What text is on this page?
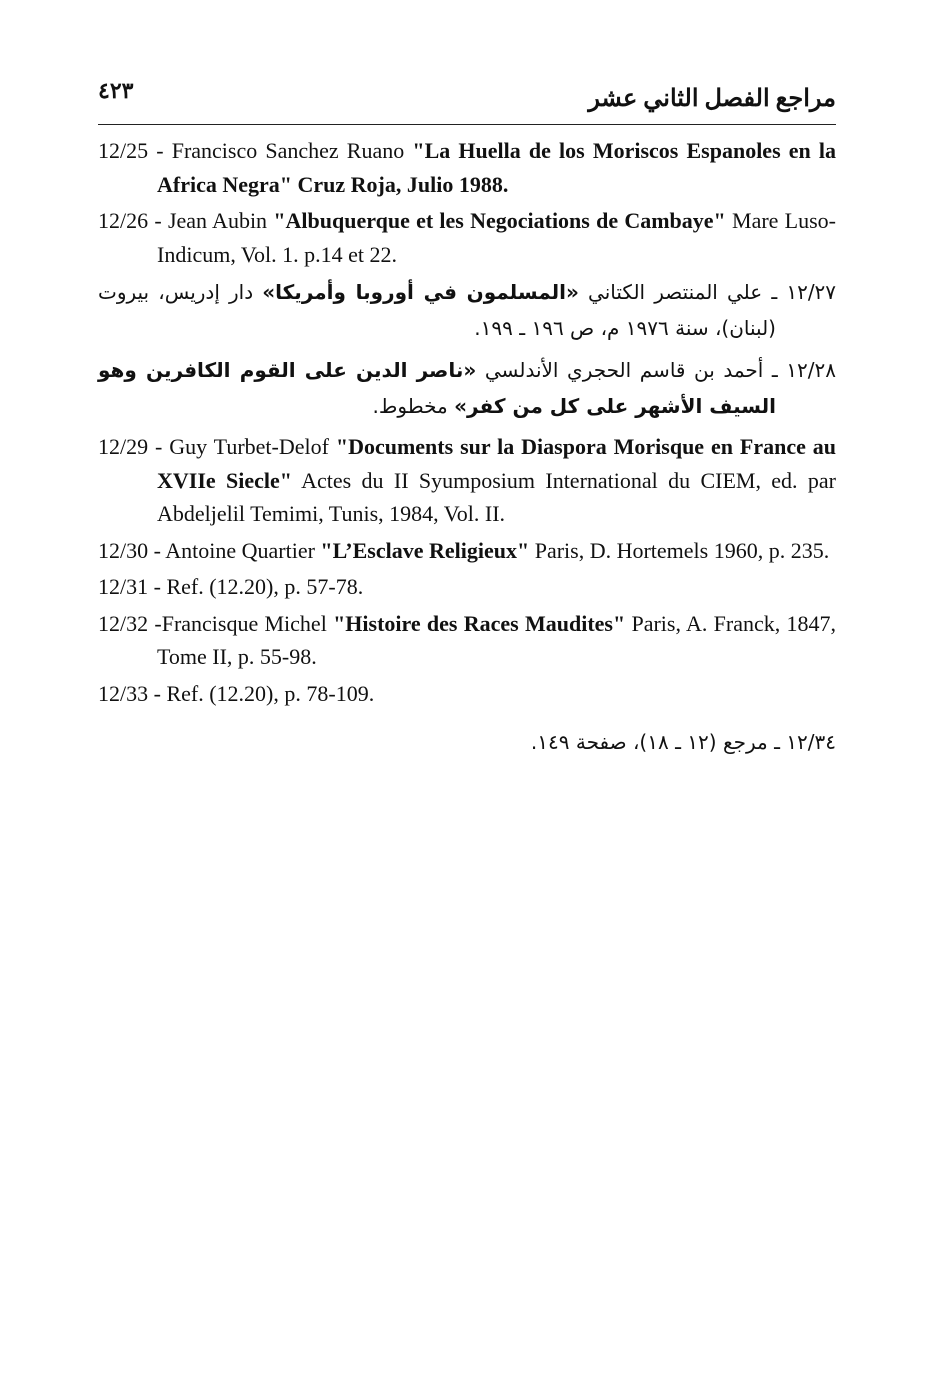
٤٢٣	مراجع الفصل الثاني عشر

12/25 - Francisco Sanchez Ruano "La Huella de los Moriscos Espanoles en la Africa Negra" Cruz Roja, Julio 1988.

12/26 - Jean Aubin "Albuquerque et les Negociations de Cambaye" Mare Luso-Indicum, Vol. 1. p.14 et 22.

١٢/٢٧ ـ علي المنتصر الكتاني «المسلمون في أوروبا وأمريكا» دار إدريس، بيروت (لبنان)، سنة ١٩٧٦ م، ص ١٩٦ ـ ١٩٩.

١٢/٢٨ ـ أحمد بن قاسم الحجري الأندلسي «ناصر الدين على القوم الكافرين وهو السيف الأشهر على كل من كفر» مخطوط.

12/29 - Guy Turbet-Delof "Documents sur la Diaspora Morisque en France au XVIIe Siecle" Actes du II Syumposium International du CIEM, ed. par Abdeljelil Temimi, Tunis, 1984, Vol. II.

12/30 - Antoine Quartier "L’Esclave Religieux" Paris, D. Hortemels 1960, p. 235.

12/31 - Ref. (12.20), p. 57-78.

12/32 -Francisque Michel "Histoire des Races Maudites" Paris, A. Franck, 1847, Tome II, p. 55-98.

12/33 - Ref. (12.20), p. 78-109.

١٢/٣٤ ـ مرجع (١٢ ـ ١٨)، صفحة ١٤٩.
